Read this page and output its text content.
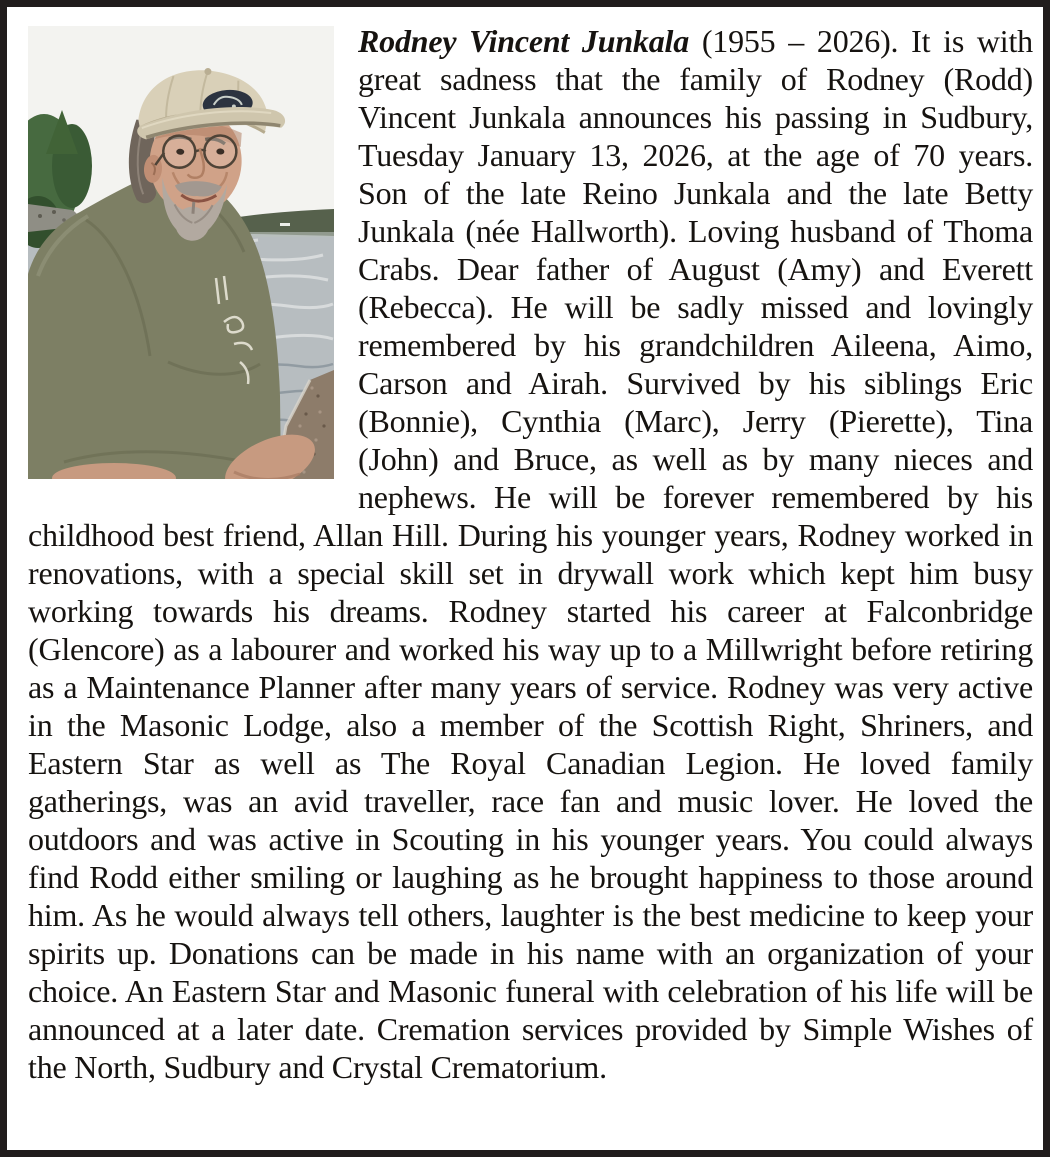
Rodney Vincent Junkala (1955 – 2026). It is with great sadness that the family of Rodney (Rodd) Vincent Junkala announces his passing in Sudbury, Tuesday January 13, 2026, at the age of 70 years. Son of the late Reino Junkala and the late Betty Junkala (née Hallworth). Loving husband of Thoma Crabs. Dear father of August (Amy) and Everett (Rebecca). He will be sadly missed and lovingly remembered by his grandchildren Aileena, Aimo, Carson and Airah. Survived by his siblings Eric (Bonnie), Cynthia (Marc), Jerry (Pierette), Tina (John) and Bruce, as well as by many nieces and nephews. He will be forever remembered by his childhood best friend, Allan Hill. During his younger years, Rodney worked in renovations, with a special skill set in drywall work which kept him busy working towards his dreams. Rodney started his career at Falconbridge (Glencore) as a labourer and worked his way up to a Millwright before retiring as a Maintenance Planner after many years of service. Rodney was very active in the Masonic Lodge, also a member of the Scottish Right, Shriners, and Eastern Star as well as The Royal Canadian Legion. He loved family gatherings, was an avid traveller, race fan and music lover. He loved the outdoors and was active in Scouting in his younger years. You could always find Rodd either smiling or laughing as he brought happiness to those around him. As he would always tell others, laughter is the best medicine to keep your spirits up. Donations can be made in his name with an organization of your choice. An Eastern Star and Masonic funeral with celebration of his life will be announced at a later date. Cremation services provided by Simple Wishes of the North, Sudbury and Crystal Crematorium.
